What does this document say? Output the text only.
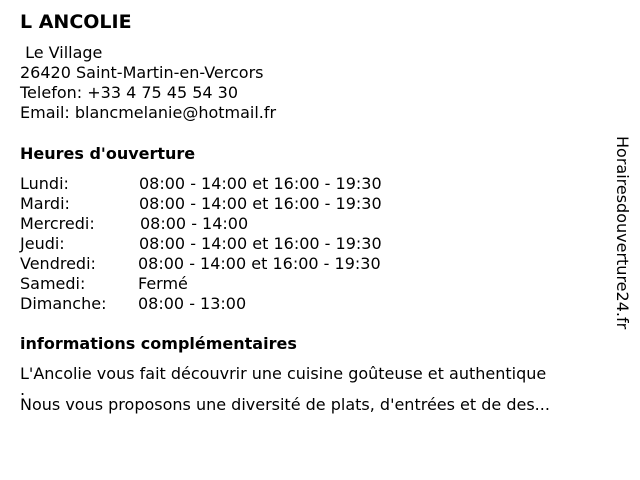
L ANCOLIE
Le Village
26420 Saint-Martin-en-Vercors
Telefon: +33 4 75 45 54 30
Email: blancmelanie@hotmail.fr
Heures d'ouverture
Lundi:	08:00 - 14:00 et 16:00 - 19:30
Mardi:	08:00 - 14:00 et 16:00 - 19:30
Mercredi:	08:00 - 14:00
Jeudi:	08:00 - 14:00 et 16:00 - 19:30
Vendredi:	08:00 - 14:00 et 16:00 - 19:30
Samedi:	Fermé
Dimanche:	08:00 - 13:00
informations complémentaires
L'Ancolie vous fait découvrir une cuisine goûteuse et authentique
.
Nous vous proposons une diversité de plats, d'entrées et de des...
Horairesdouverture24.fr
